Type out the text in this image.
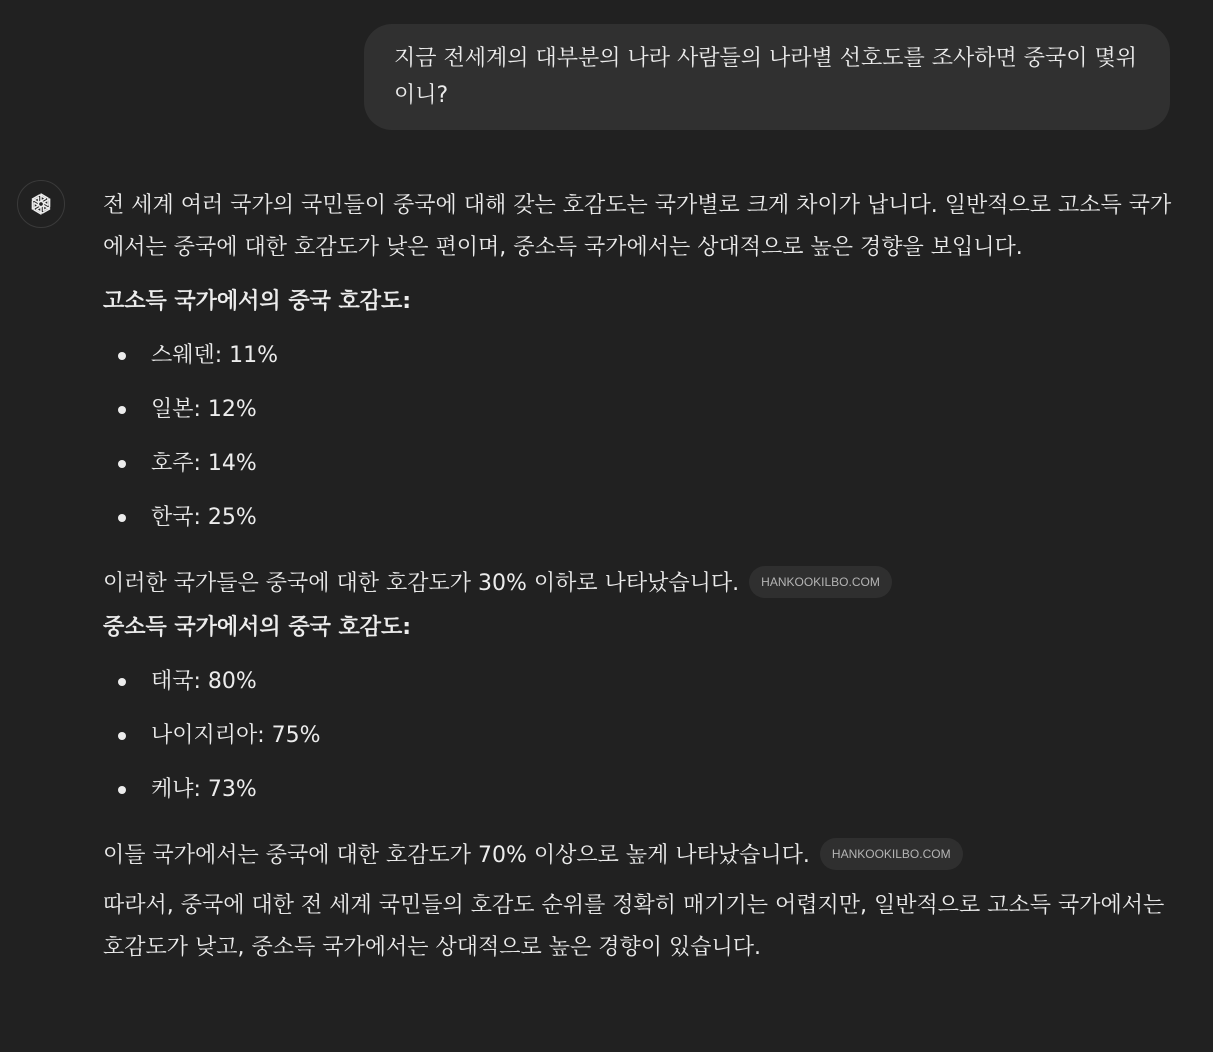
지금 전세계의 대부분의 나라 사람들의 나라별 선호도를 조사하면 중국이 몇위이니?

전 세계 여러 국가의 국민들이 중국에 대해 갖는 호감도는 국가별로 크게 차이가 납니다. 일반적으로 고소득 국가에서는 중국에 대한 호감도가 낮은 편이며, 중소득 국가에서는 상대적으로 높은 경향을 보입니다.

고소득 국가에서의 중국 호감도:

스웨덴: 11%
일본: 12%
호주: 14%
한국: 25%

이러한 국가들은 중국에 대한 호감도가 30% 이하로 나타났습니다. HANKOOKILBO.COM

중소득 국가에서의 중국 호감도:

태국: 80%
나이지리아: 75%
케냐: 73%

이들 국가에서는 중국에 대한 호감도가 70% 이상으로 높게 나타났습니다. HANKOOKILBO.COM

따라서, 중국에 대한 전 세계 국민들의 호감도 순위를 정확히 매기기는 어렵지만, 일반적으로 고소득 국가에서는 호감도가 낮고, 중소득 국가에서는 상대적으로 높은 경향이 있습니다.
